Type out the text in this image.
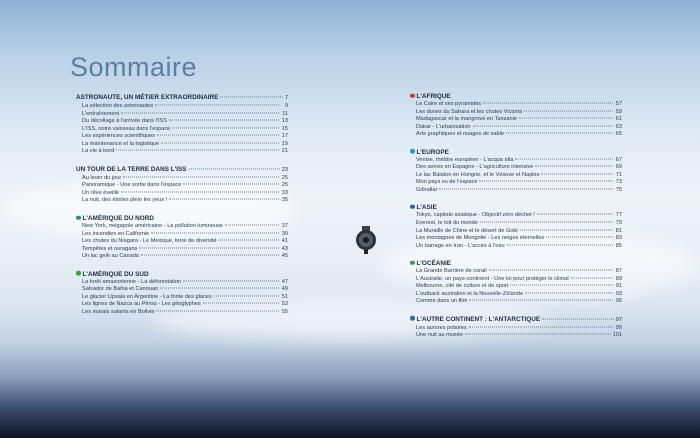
Sommaire
ASTRONAUTE, UN MÉTIER EXTRAORDINAIRE	7
La sélection des astronautes	9
L'entraînement	11
Du décollage à l'arrivée dans l'ISS	13
L'ISS, notre vaisseau dans l'espace	15
Les expériences scientifiques	17
La maintenance et la logistique	19
La vie à bord	21
UN TOUR DE LA TERRE DANS L'ISS	23
Au lever du jour	25
Panoramique - Une sortie dans l'espace	25
Un rêve éveillé	33
La nuit, des étoiles plein les yeux !	35
L'AMÉRIQUE DU NORD
New York, mégapole américaine - La pollution lumineuse	37
Les incendies en Californie	39
Les chutes du Niagara - Le Mexique, terre de diversité	41
Tempêtes et ouragans	43
Un lac gelé au Canada	45
L'AMÉRIQUE DU SUD
La forêt amazonienne - La déforestation	47
Salvador de Bahia et Canouan	49
Le glacier Upsala en Argentine - La fonte des glaces	51
Les lignes de Nazca au Pérou - Les géoglyphes	53
Les marais salants en Bolivie	55
L'AFRIQUE
Le Caire et ses pyramides	57
Les dunes du Sahara et les chutes Victoria	59
Madagascar et la mangrove en Tanzanie	61
Dakar - L'urbanisation	63
Arts graphiques et nuages de sable	65
L'EUROPE
Venise, théâtre européen - L'acqua alta	67
Des serres en Espagne - L'agriculture intensive	69
Le lac Balaton en Hongrie, et le Vésuve et Naples	71
Mon pays vu de l'espace	73
Gibraltar	75
L'ASIE
Tokyo, capitale asiatique - Objectif zéro déchet !	77
Everest, le toit du monde	79
La Muraille de Chine et le désert de Gobi	81
Les montagnes de Mongolie - Les neiges éternelles	83
Un barrage en Iran - L'accès à l'eau	85
L'OCÉANIE
La Grande Barrière de corail	87
L'Australie, un pays-continent - Une loi pour protéger le climat	89
Melbourne, cité de culture et de sport	91
L'outback australien et la Nouvelle-Zélande	93
Comme dans un film	95
L'AUTRE CONTINENT : L'ANTARCTIQUE	97
Les aurores polaires	99
Une nuit au musée	101
